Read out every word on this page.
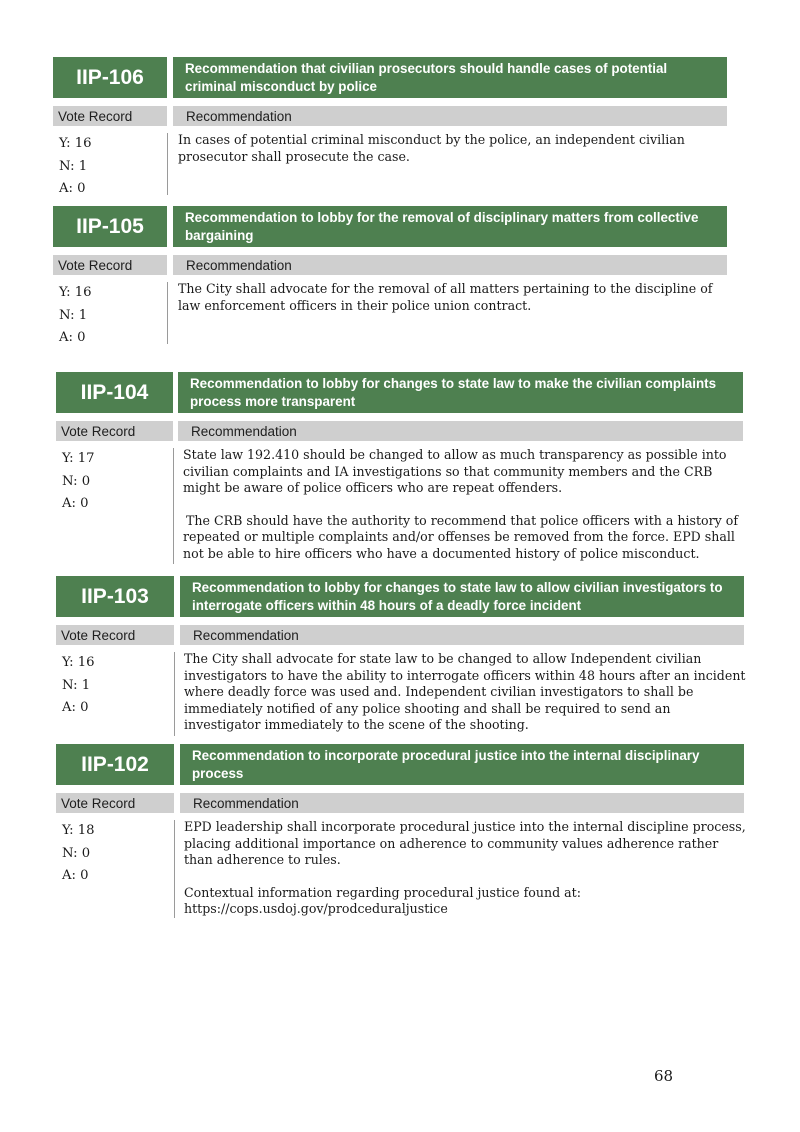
IIP-106	Recommendation that civilian prosecutors should handle cases of potential criminal misconduct by police
Vote Record	Recommendation
Y: 16
N: 1
A: 0

In cases of potential criminal misconduct by the police, an independent civilian prosecutor shall prosecute the case.

IIP-105	Recommendation to lobby for the removal of disciplinary matters from collective bargaining
Vote Record	Recommendation
Y: 16
N: 1
A: 0

The City shall advocate for the removal of all matters pertaining to the discipline of law enforcement officers in their police union contract.

IIP-104	Recommendation to lobby for changes to state law to make the civilian complaints process more transparent
Vote Record	Recommendation
Y: 17
N: 0
A: 0

State law 192.410 should be changed to allow as much transparency as possible into civilian complaints and IA investigations so that community members and the CRB might be aware of police officers who are repeat offenders.

The CRB should have the authority to recommend that police officers with a history of repeated or multiple complaints and/or offenses be removed from the force. EPD shall not be able to hire officers who have a documented history of police misconduct.

IIP-103	Recommendation to lobby for changes to state law to allow civilian investigators to interrogate officers within 48 hours of a deadly force incident
Vote Record	Recommendation
Y: 16
N: 1
A: 0

The City shall advocate for state law to be changed to allow Independent civilian investigators to have the ability to interrogate officers within 48 hours after an incident where deadly force was used and. Independent civilian investigators to shall be immediately notified of any police shooting and shall be required to send an investigator immediately to the scene of the shooting.

IIP-102	Recommendation to incorporate procedural justice into the internal disciplinary process
Vote Record	Recommendation
Y: 18
N: 0
A: 0

EPD leadership shall incorporate procedural justice into the internal discipline process, placing additional importance on adherence to community values adherence rather than adherence to rules.

Contextual information regarding procedural justice found at: https://cops.usdoj.gov/prodceduraljustice

68
